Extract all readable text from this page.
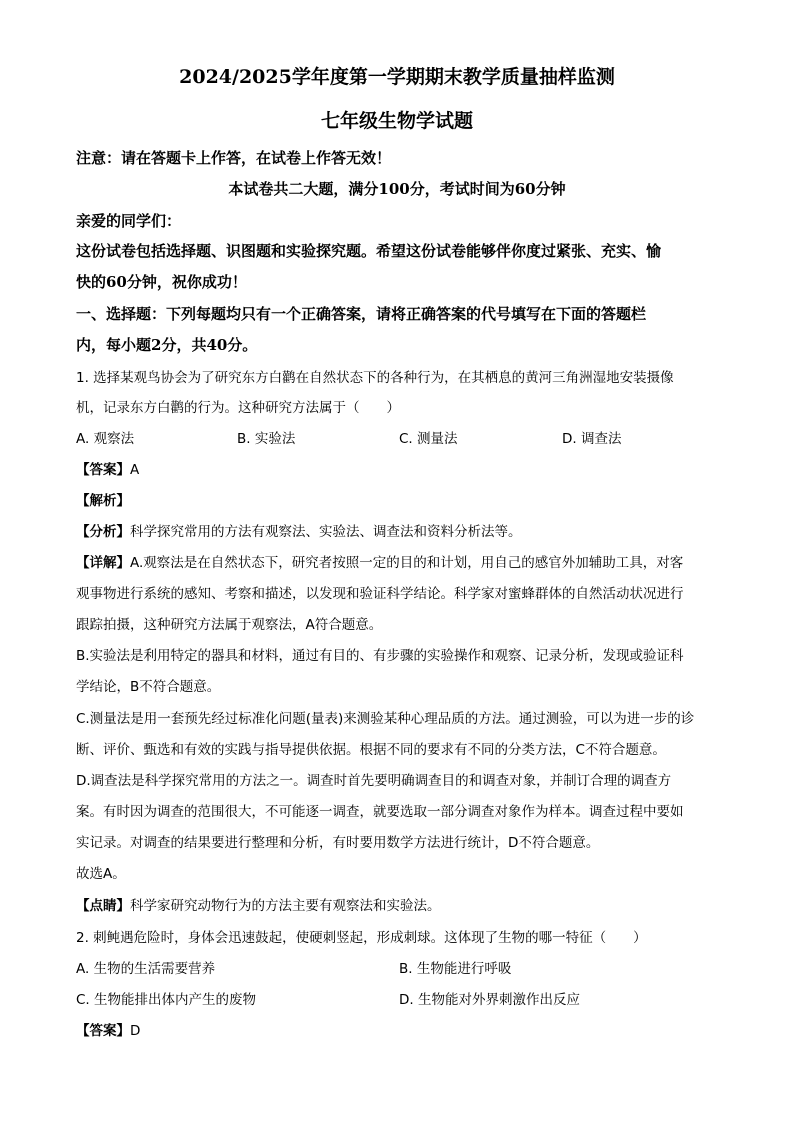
2024/2025学年度第一学期期末教学质量抽样监测
七年级生物学试题
注意：请在答题卡上作答，在试卷上作答无效！
本试卷共二大题，满分100分，考试时间为60分钟
亲爱的同学们：
这份试卷包括选择题、识图题和实验探究题。希望这份试卷能够伴你度过紧张、充实、愉
快的60分钟，祝你成功！
一、选择题：下列每题均只有一个正确答案，请将正确答案的代号填写在下面的答题栏
内，每小题2分，共40分。
1. 选择某观鸟协会为了研究东方白鹳在自然状态下的各种行为，在其栖息的黄河三角洲湿地安装摄像
机，记录东方白鹳的行为。这种研究方法属于（　　）
A. 观察法	B. 实验法	C. 测量法	D. 调查法
【答案】A
【解析】
【分析】科学探究常用的方法有观察法、实验法、调查法和资料分析法等。
【详解】A.观察法是在自然状态下，研究者按照一定的目的和计划，用自己的感官外加辅助工具，对客
观事物进行系统的感知、考察和描述，以发现和验证科学结论。科学家对蜜蜂群体的自然活动状况进行
跟踪拍摄，这种研究方法属于观察法，A符合题意。
B.实验法是利用特定的器具和材料，通过有目的、有步骤的实验操作和观察、记录分析，发现或验证科
学结论，B不符合题意。
C.测量法是用一套预先经过标准化问题(量表)来测验某种心理品质的方法。通过测验，可以为进一步的诊
断、评价、甄选和有效的实践与指导提供依据。根据不同的要求有不同的分类方法，C不符合题意。
D.调查法是科学探究常用的方法之一。调查时首先要明确调查目的和调查对象，并制订合理的调查方
案。有时因为调查的范围很大，不可能逐一调查，就要选取一部分调查对象作为样本。调查过程中要如
实记录。对调查的结果要进行整理和分析，有时要用数学方法进行统计，D不符合题意。
故选A。
【点睛】科学家研究动物行为的方法主要有观察法和实验法。
2. 刺鲀遇危险时，身体会迅速鼓起，使硬刺竖起，形成刺球。这体现了生物的哪一特征（　　）
A. 生物的生活需要营养	B. 生物能进行呼吸
C. 生物能排出体内产生的废物	D. 生物能对外界刺激作出反应
【答案】D
